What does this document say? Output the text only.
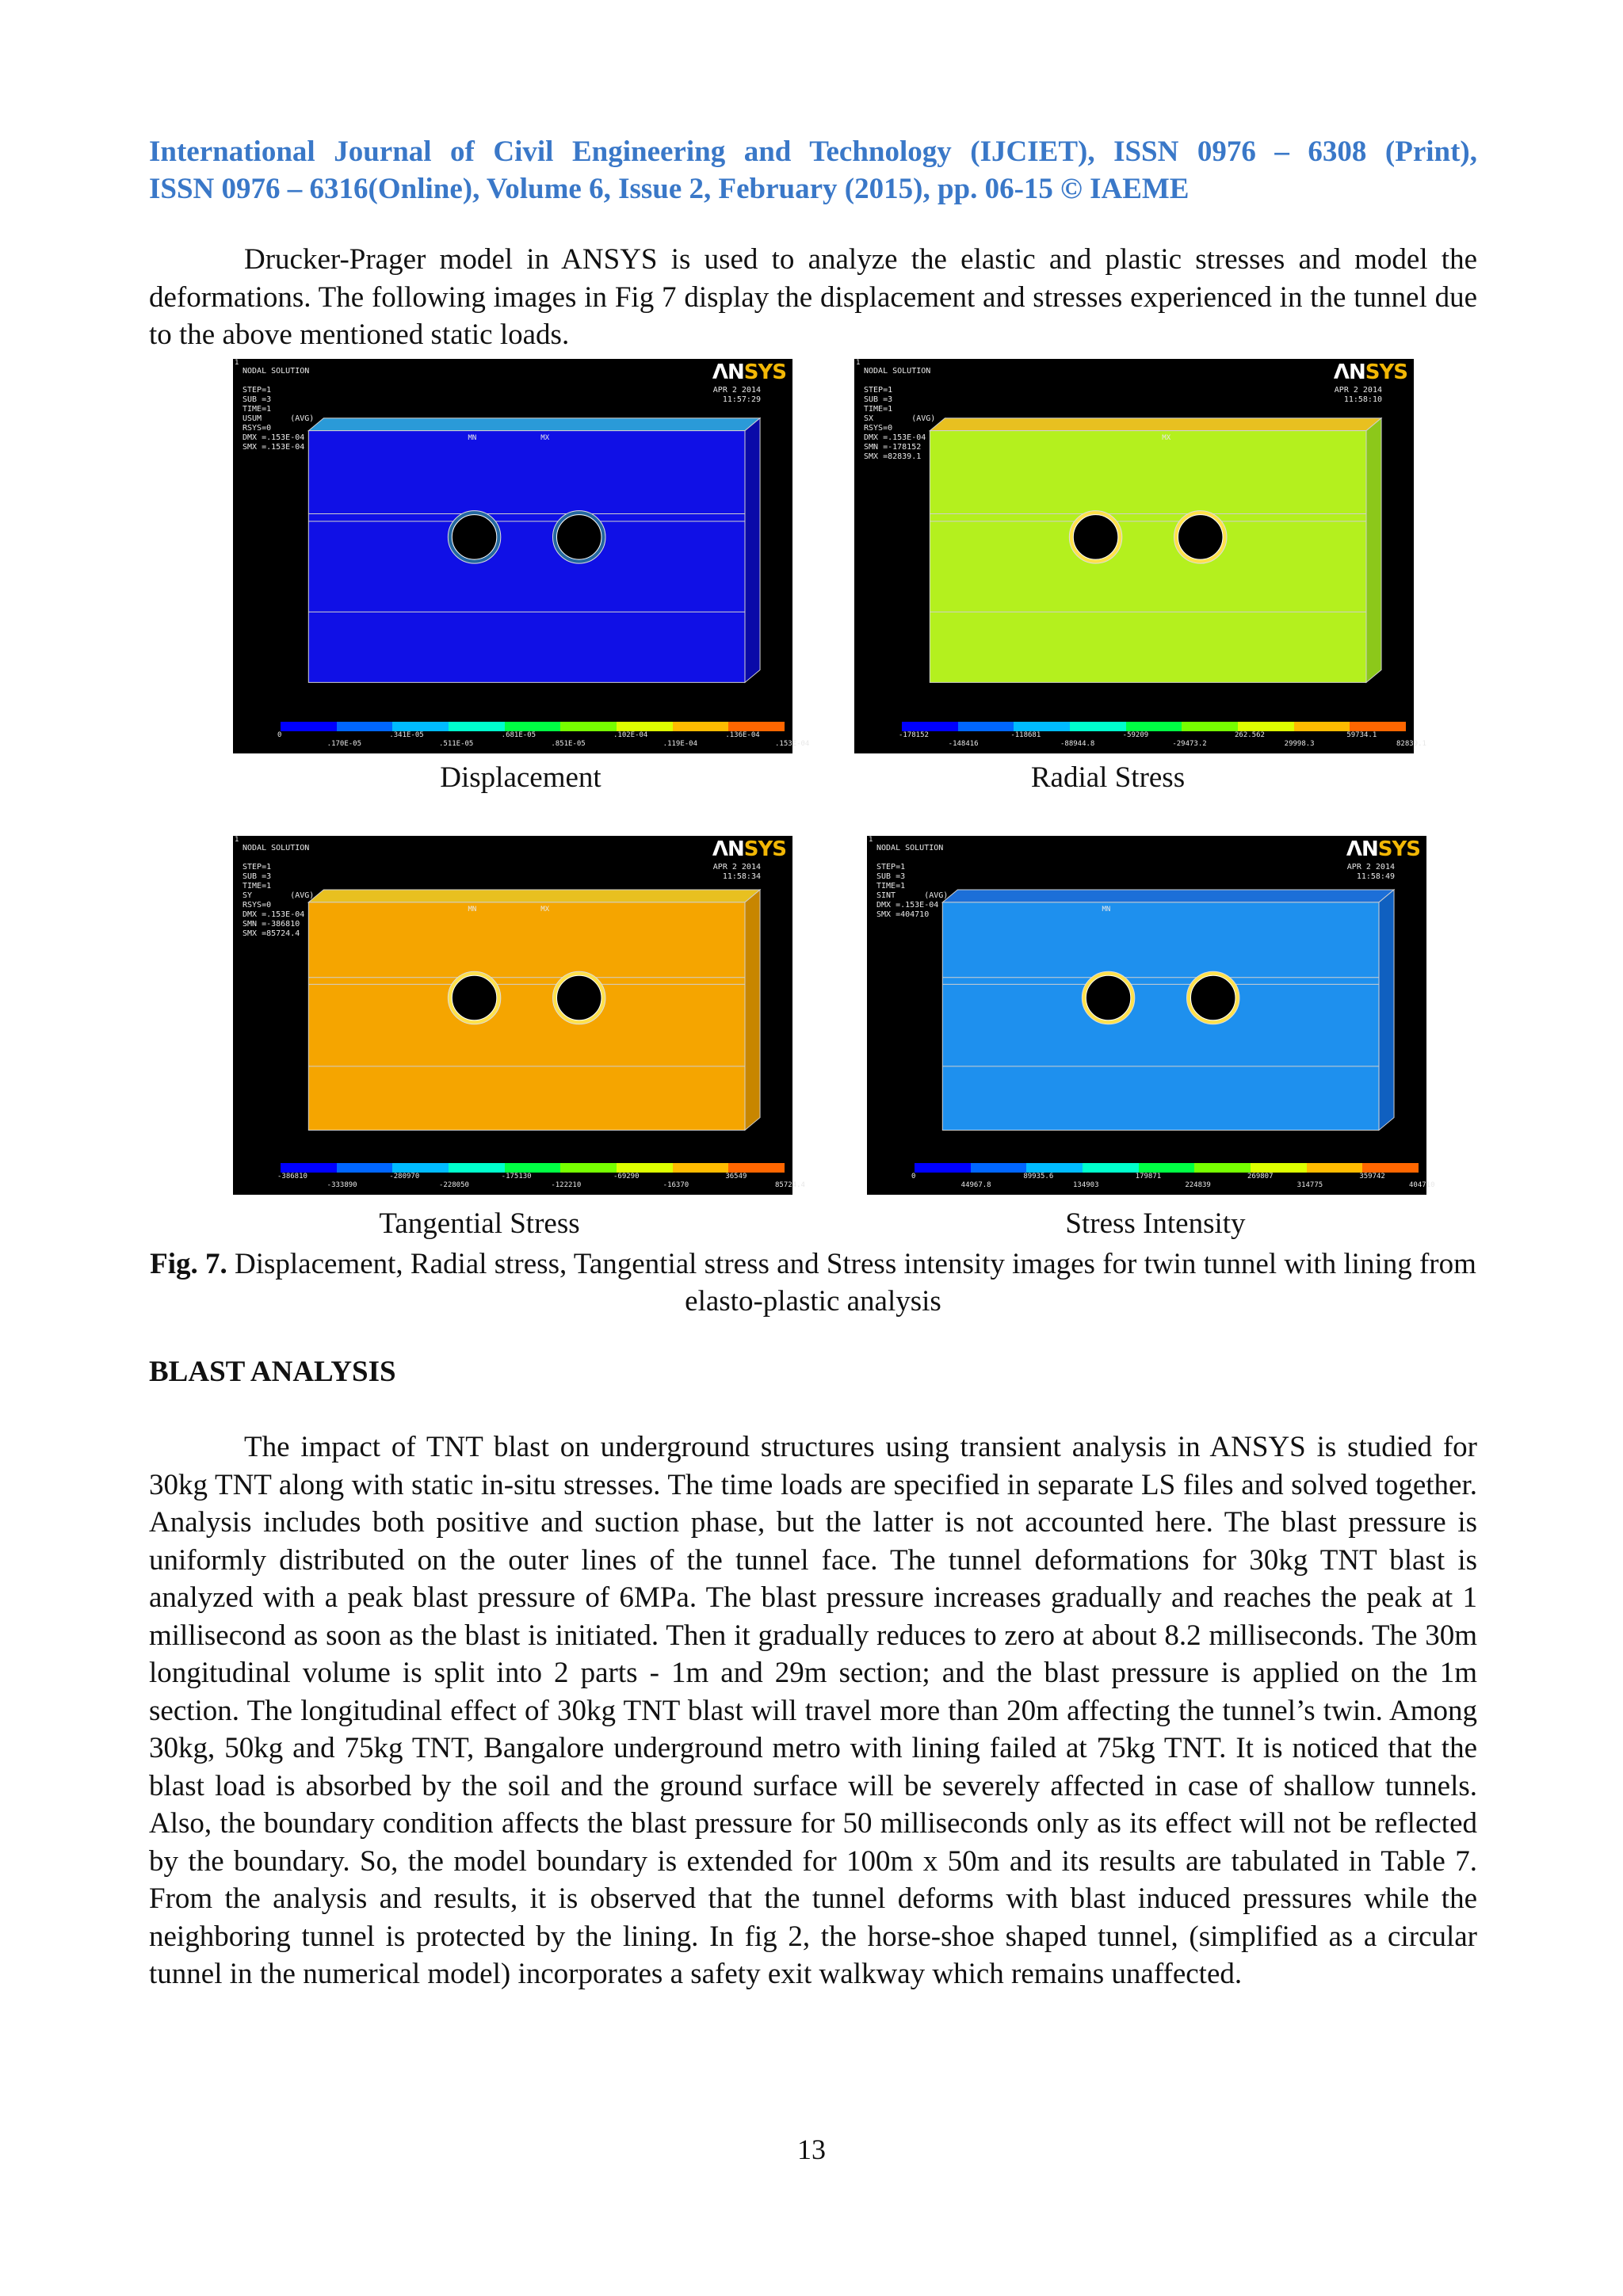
International Journal of Civil Engineering and Technology (IJCIET), ISSN 0976 – 6308 (Print),
ISSN 0976 – 6316(Online), Volume 6, Issue 2, February (2015), pp. 06-15 © IAEME
Drucker-Prager model in ANSYS is used to analyze the elastic and plastic stresses and model the deformations. The following images in Fig 7 display the displacement and stresses experienced in the tunnel due to the above mentioned static loads.
1
NODAL SOLUTION
STEP=1
SUB =3
TIME=1
USUM      (AVG)
RSYS=0
DMX =.153E-04
SMX =.153E-04
ΛNSYS
APR 2 2014
11:57:29
MN	MX
0	.341E-05	.681E-05	.102E-04	.136E-04
.170E-05	.511E-05	.851E-05	.119E-04	.153E-04
1
NODAL SOLUTION
STEP=1
SUB =3
TIME=1
SX        (AVG)
RSYS=0
DMX =.153E-04
SMN =-178152
SMX =82839.1
ΛNSYS
APR 2 2014
11:58:10
MX
-178152	-118681	-59209	262.562	59734.1
-148416	-88944.8	-29473.2	29998.3	82839.1
1
NODAL SOLUTION
STEP=1
SUB =3
TIME=1
SY        (AVG)
RSYS=0
DMX =.153E-04
SMN =-386810
SMX =85724.4
ΛNSYS
APR 2 2014
11:58:34
MN	MX
-386810	-280970	-175130	-69290	36549
-333890	-228050	-122210	-16370	85724.4
1
NODAL SOLUTION
STEP=1
SUB =3
TIME=1
SINT      (AVG)
DMX =.153E-04
SMX =404710
ΛNSYS
APR 2 2014
11:58:49
MN
0	89935.6	179871	269807	359742
44967.8	134903	224839	314775	404710
Displacement	Radial Stress
Tangential Stress	Stress Intensity
Fig. 7. Displacement, Radial stress, Tangential stress and Stress intensity images for twin tunnel with lining from elasto-plastic analysis
BLAST ANALYSIS
The impact of TNT blast on underground structures using transient analysis in ANSYS is studied for 30kg TNT along with static in-situ stresses. The time loads are specified in separate LS files and solved together. Analysis includes both positive and suction phase, but the latter is not accounted here. The blast pressure is uniformly distributed on the outer lines of the tunnel face. The tunnel deformations for 30kg TNT blast is analyzed with a peak blast pressure of 6MPa. The blast pressure increases gradually and reaches the peak at 1 millisecond as soon as the blast is initiated. Then it gradually reduces to zero at about 8.2 milliseconds. The 30m longitudinal volume is split into 2 parts - 1m and 29m section; and the blast pressure is applied on the 1m section. The longitudinal effect of 30kg TNT blast will travel more than 20m affecting the tunnel’s twin. Among 30kg, 50kg and 75kg TNT, Bangalore underground metro with lining failed at 75kg TNT. It is noticed that the blast load is absorbed by the soil and the ground surface will be severely affected in case of shallow tunnels. Also, the boundary condition affects the blast pressure for 50 milliseconds only as its effect will not be reflected by the boundary. So, the model boundary is extended for 100m x 50m and its results are tabulated in Table 7. From the analysis and results, it is observed that the tunnel deforms with blast induced pressures while the neighboring tunnel is protected by the lining. In fig 2, the horse-shoe shaped tunnel, (simplified as a circular tunnel in the numerical model) incorporates a safety exit walkway which remains unaffected.
13
